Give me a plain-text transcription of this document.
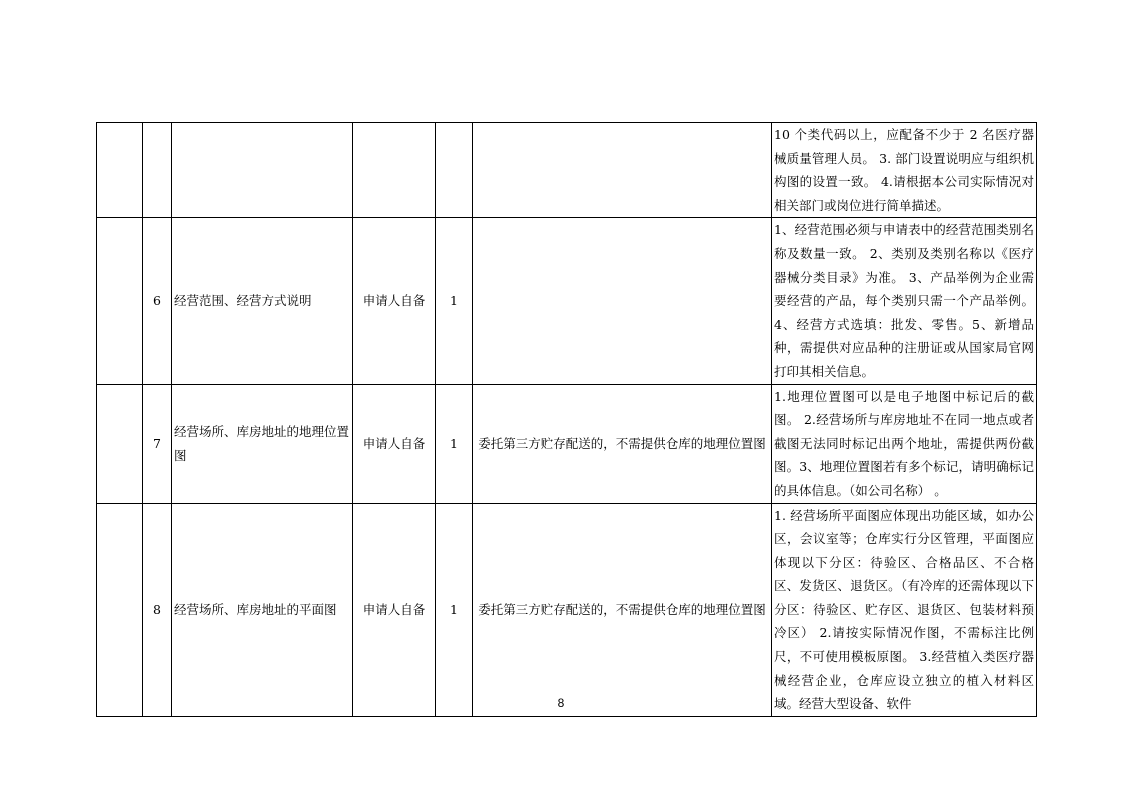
						10 个类代码以上，应配备不少于 2 名医疗器械质量管理人员。 3. 部门设置说明应与组织机构图的设置一致。 4.请根据本公司实际情况对相关部门或岗位进行简单描述。
	6	经营范围、经营方式说明	申请人自备	1		1、经营范围必须与申请表中的经营范围类别名称及数量一致。 2、类别及类别名称以《医疗器械分类目录》为准。 3、产品举例为企业需要经营的产品，每个类别只需一个产品举例。 4、经营方式选填：批发、零售。5、新增品种，需提供对应品种的注册证或从国家局官网打印其相关信息。
	7	经营场所、库房地址的地理位置图	申请人自备	1	委托第三方贮存配送的，不需提供仓库的地理位置图	1.地理位置图可以是电子地图中标记后的截图。 2.经营场所与库房地址不在同一地点或者截图无法同时标记出两个地址，需提供两份截图。3、地理位置图若有多个标记，请明确标记的具体信息。（如公司名称） 。
	8	经营场所、库房地址的平面图	申请人自备	1	委托第三方贮存配送的，不需提供仓库的地理位置图	1. 经营场所平面图应体现出功能区域，如办公区，会议室等；仓库实行分区管理，平面图应体现以下分区：待验区、合格品区、不合格区、发货区、退货区。（有冷库的还需体现以下分区：待验区、贮存区、退货区、包装材料预冷区） 2.请按实际情况作图，不需标注比例尺，不可使用模板原图。 3.经营植入类医疗器械经营企业，仓库应设立独立的植入材料区域。经营大型设备、软件
8
